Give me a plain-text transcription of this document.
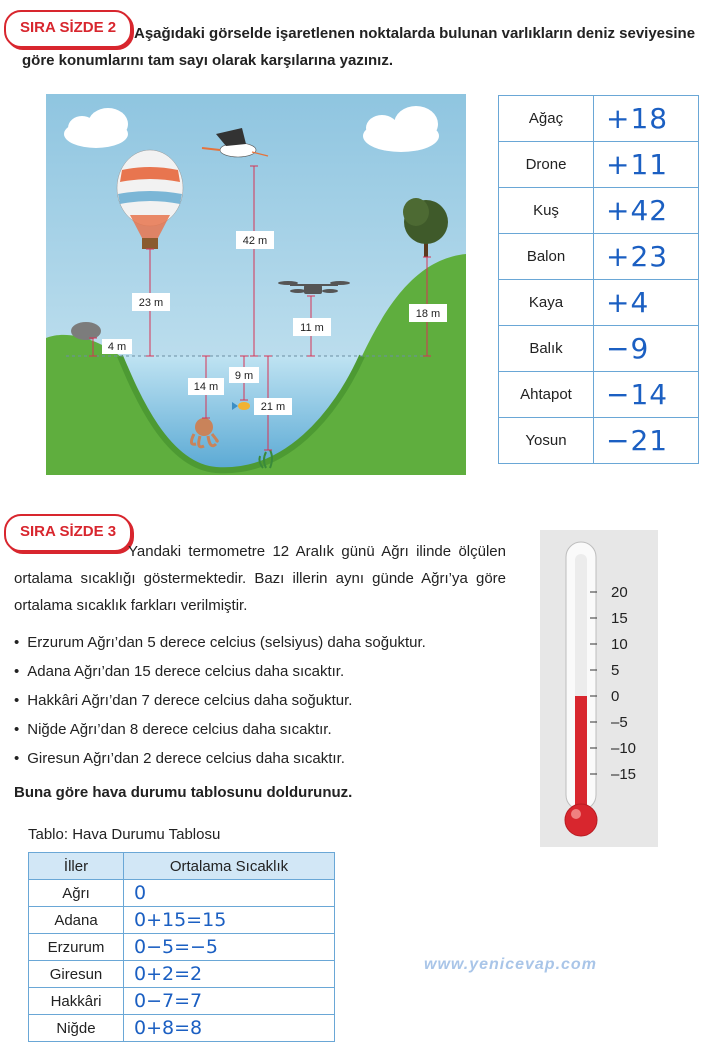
SIRA SİZDE 2	Aşağıdaki görselde işaretlenen noktalarda bulunan varlıkların deniz seviyesine göre konumlarını tam sayı olarak karşılarına yazınız.
4 m
23 m
42 m
11 m
18 m
14 m
9 m
21 m
Ağaç	+18
Drone	+11
Kuş	+42
Balon	+23
Kaya	+4
Balık	−9
Ahtapot	−14
Yosun	−21
SIRA SİZDE 3
Yandaki termometre 12 Aralık günü Ağrı ilinde ölçülen ortalama sıcaklığı göstermektedir. Bazı illerin aynı günde Ağrı’ya göre ortalama sıcaklık farkları verilmiştir.
• Erzurum Ağrı’dan 5 derece celcius (selsiyus) daha soğuktur.
• Adana Ağrı’dan 15 derece celcius daha sıcaktır.
• Hakkâri Ağrı’dan 7 derece celcius daha soğuktur.
• Niğde Ağrı’dan 8 derece celcius daha sıcaktır.
• Giresun Ağrı’dan 2 derece celcius daha sıcaktır.
Buna göre hava durumu tablosunu doldurunuz.
20
15
10
5
0
–5
–10
–15
Tablo: Hava Durumu Tablosu
İller	Ortalama Sıcaklık
Ağrı	0
Adana	0+15=15
Erzurum	0−5=−5
Giresun	0+2=2
Hakkâri	0−7=7
Niğde	0+8=8
www.yenicevap.com
